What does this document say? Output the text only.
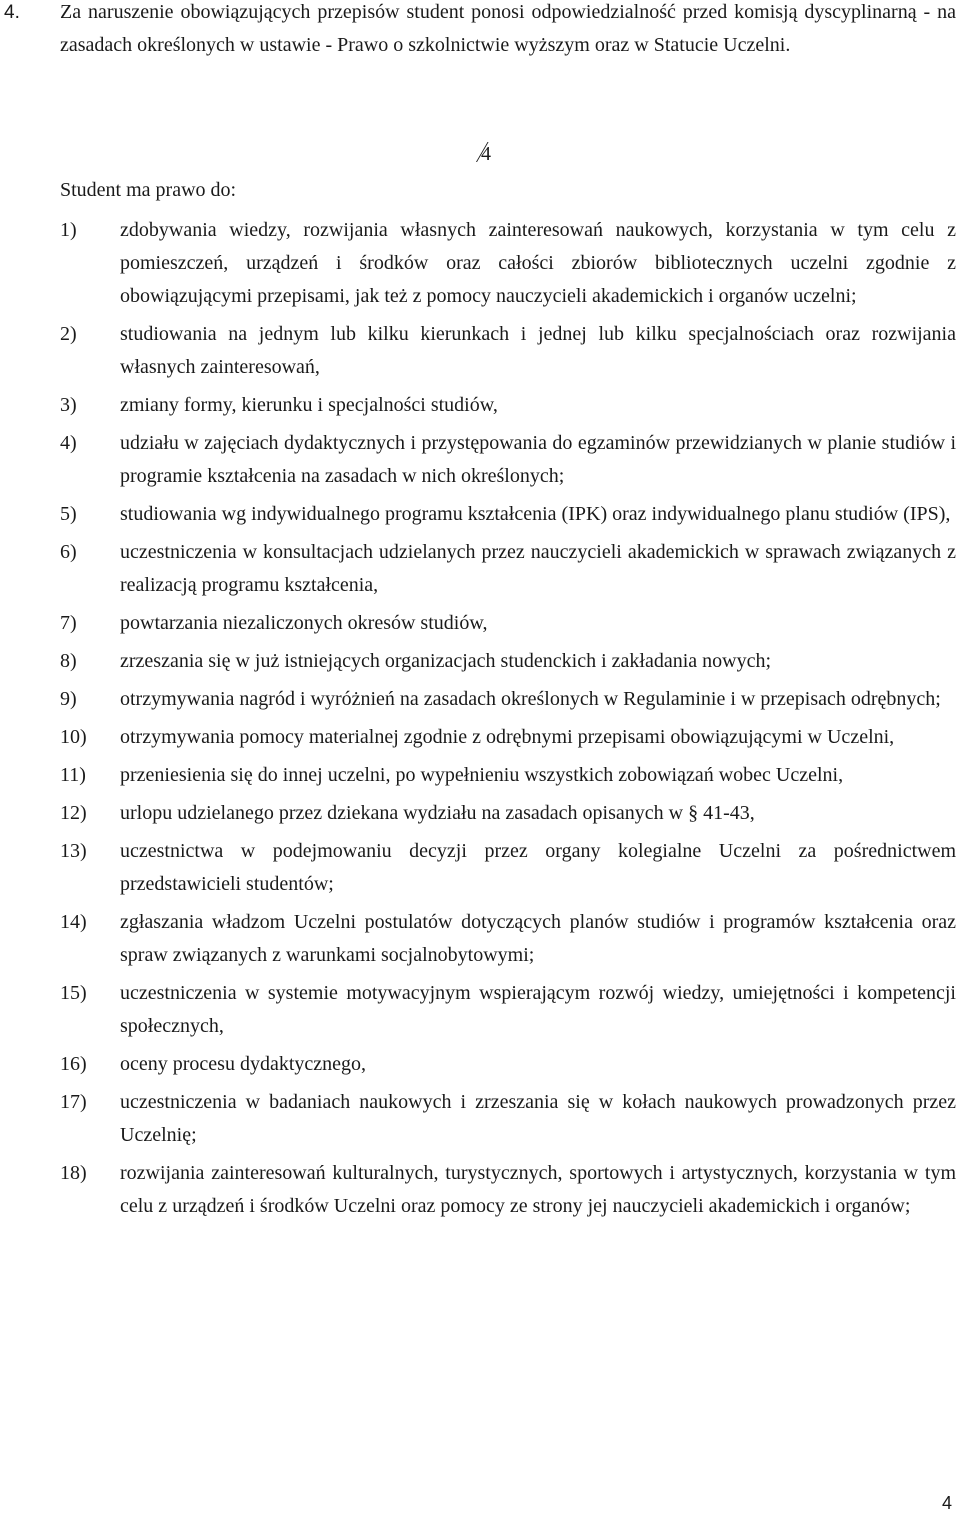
4. Za naruszenie obowiązujących przepisów student ponosi odpowiedzialność przed komisją dyscyplinarną - na zasadach określonych w ustawie - Prawo o szkolnictwie wyższym oraz w Statucie Uczelni.
4
Student ma prawo do:
1)	zdobywania wiedzy, rozwijania własnych zainteresowań naukowych, korzystania w tym celu z pomieszczeń, urządzeń i środków oraz całości zbiorów bibliotecznych uczelni zgodnie z obowiązującymi przepisami, jak też z pomocy nauczycieli akademickich i organów uczelni;
2)	studiowania na jednym lub kilku kierunkach i jednej lub kilku specjalnościach oraz rozwijania własnych zainteresowań,
3)	zmiany formy, kierunku i specjalności studiów,
4)	udziału w zajęciach dydaktycznych i przystępowania do egzaminów przewidzianych w planie studiów i programie kształcenia na zasadach w nich określonych;
5)	studiowania wg indywidualnego programu kształcenia (IPK) oraz indywidualnego planu studiów (IPS),
6)	uczestniczenia w konsultacjach udzielanych przez nauczycieli akademickich w sprawach związanych z realizacją programu kształcenia,
7)	powtarzania niezaliczonych okresów studiów,
8)	zrzeszania się w już istniejących organizacjach studenckich i zakładania nowych;
9)	otrzymywania nagród i wyróżnień na zasadach określonych w Regulaminie i w przepisach odrębnych;
10)	otrzymywania pomocy materialnej zgodnie z odrębnymi przepisami obowiązującymi w Uczelni,
11)	przeniesienia się do innej uczelni, po wypełnieniu wszystkich zobowiązań wobec Uczelni,
12)	urlopu udzielanego przez dziekana wydziału na zasadach opisanych w § 41-43,
13)	uczestnictwa w podejmowaniu decyzji przez organy kolegialne Uczelni za pośrednictwem przedstawicieli studentów;
14)	zgłaszania władzom Uczelni postulatów dotyczących planów studiów i programów kształcenia oraz spraw związanych z warunkami socjalnobytowymi;
15)	uczestniczenia w systemie motywacyjnym wspierającym rozwój wiedzy, umiejętności i kompetencji społecznych,
16)	oceny procesu dydaktycznego,
17)	uczestniczenia w badaniach naukowych i zrzeszania się w kołach naukowych prowadzonych przez Uczelnię;
18)	rozwijania zainteresowań kulturalnych, turystycznych, sportowych i artystycznych, korzystania w tym celu z urządzeń i środków Uczelni oraz pomocy ze strony jej nauczycieli akademickich i organów;
4
